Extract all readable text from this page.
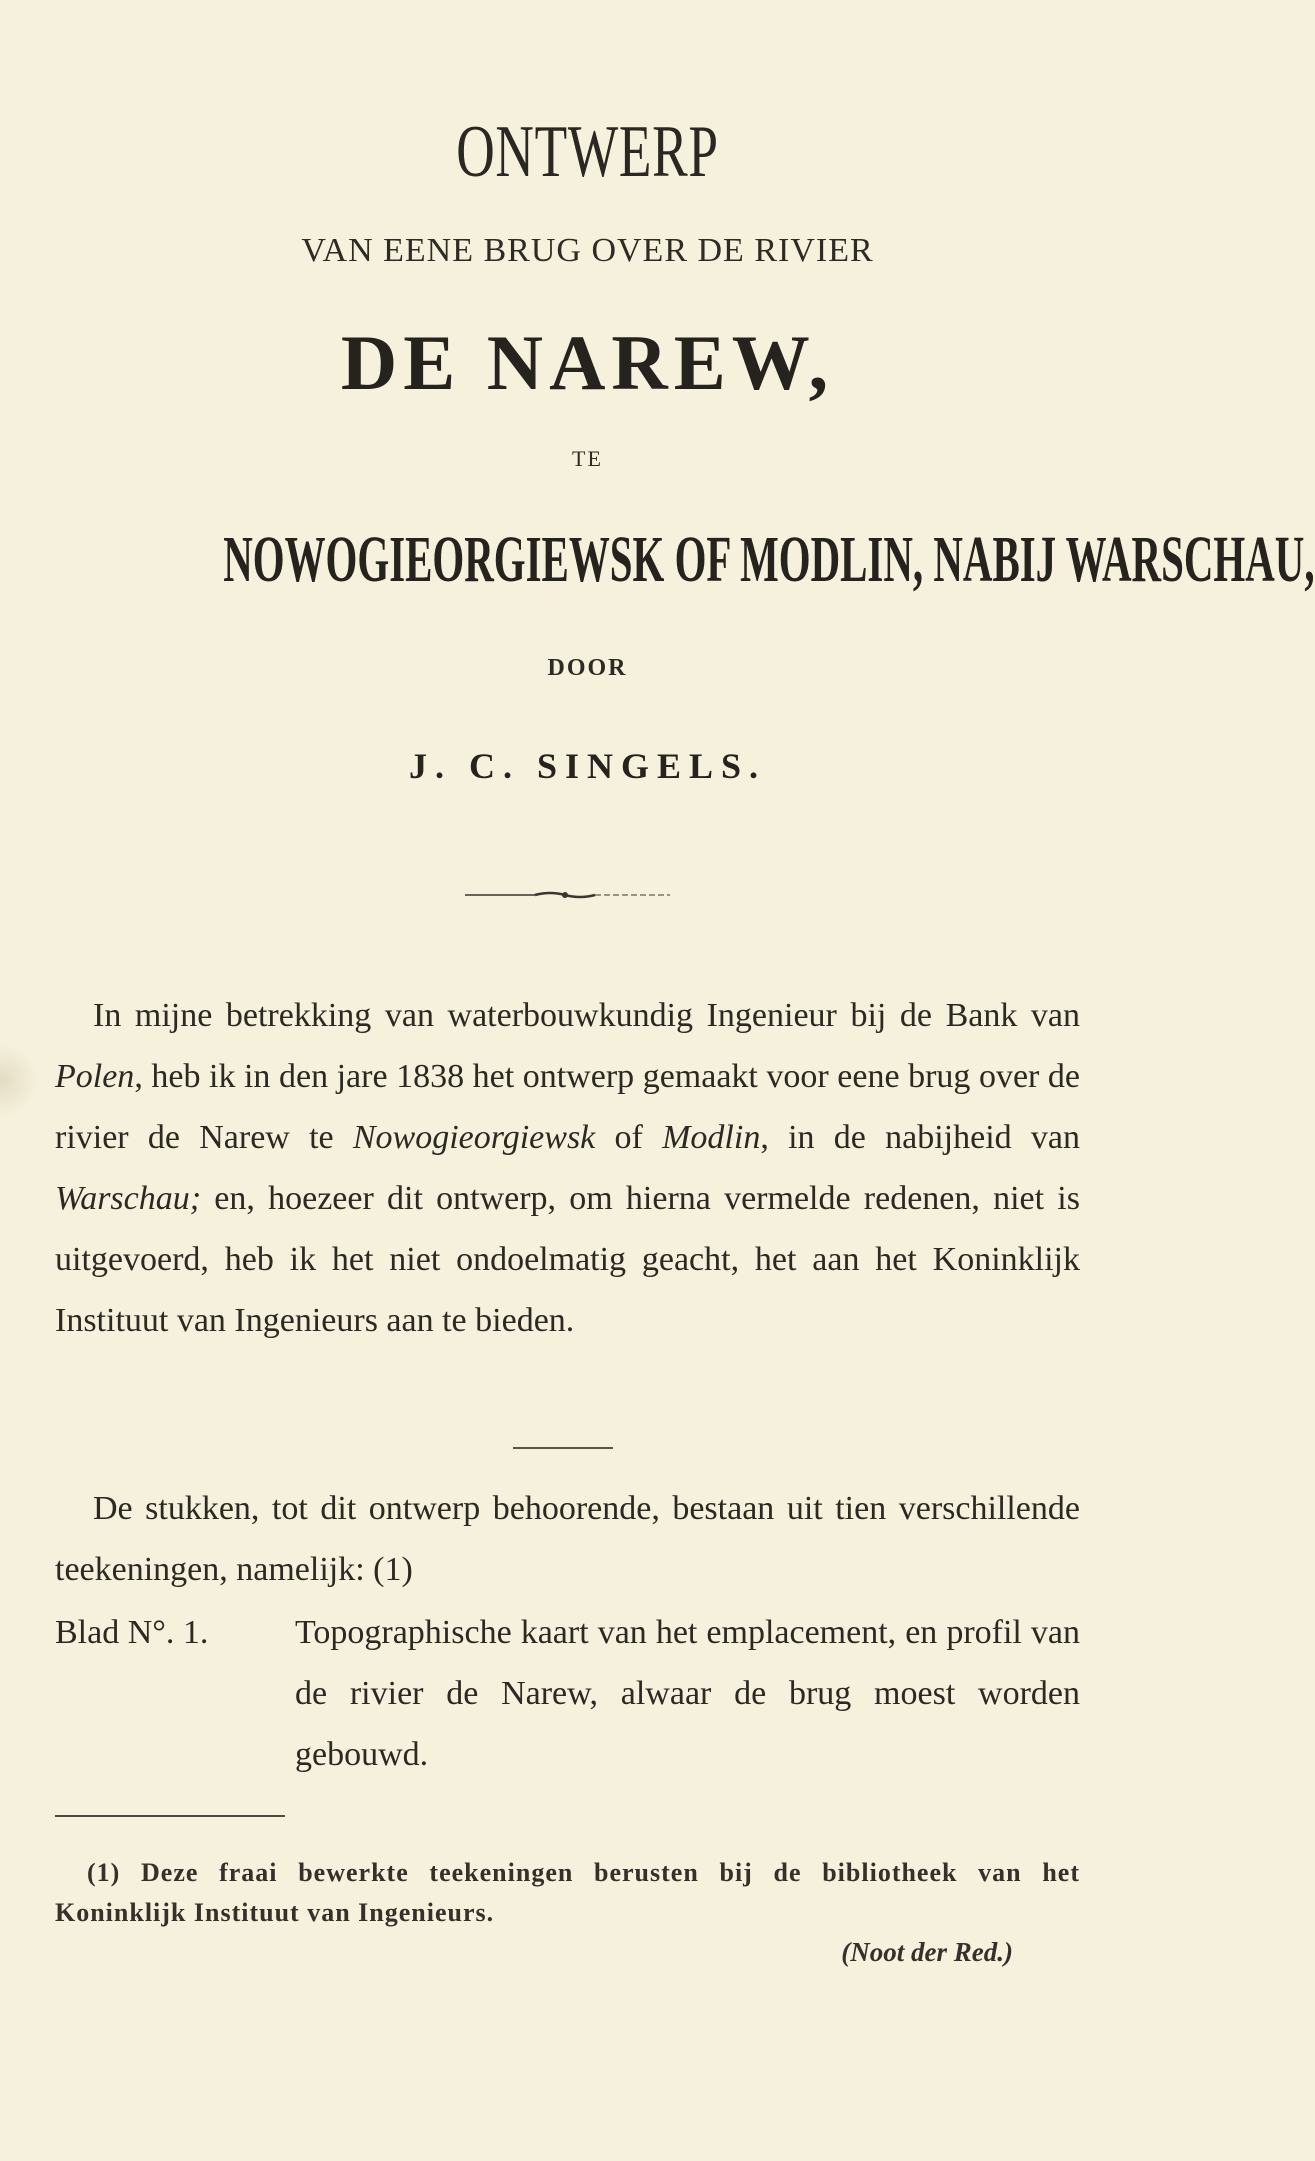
ONTWERP
VAN EENE BRUG OVER DE RIVIER
DE NAREW,
TE
NOWOGIEORGIEWSK OF MODLIN, NABIJ WARSCHAU,
DOOR
J. C. SINGELS.
In mijne betrekking van waterbouwkundig Ingenieur bij de Bank van Polen, heb ik in den jare 1838 het ontwerp gemaakt voor eene brug over de rivier de Narew te Nowogieorgiewsk of Modlin, in de nabijheid van Warschau; en, hoezeer dit ontwerp, om hierna vermelde redenen, niet is uitgevoerd, heb ik het niet ondoelmatig geacht, het aan het Koninklijk Instituut van Ingenieurs aan te bieden.
De stukken, tot dit ontwerp behoorende, bestaan uit tien verschillende teekeningen, namelijk: (1)
Blad N°. 1.	Topographische kaart van het emplacement, en profil van de rivier de Narew, alwaar de brug moest worden gebouwd.
(1) Deze fraai bewerkte teekeningen berusten bij de bibliotheek van het Koninklijk Instituut van Ingenieurs.
(Noot der Red.)
